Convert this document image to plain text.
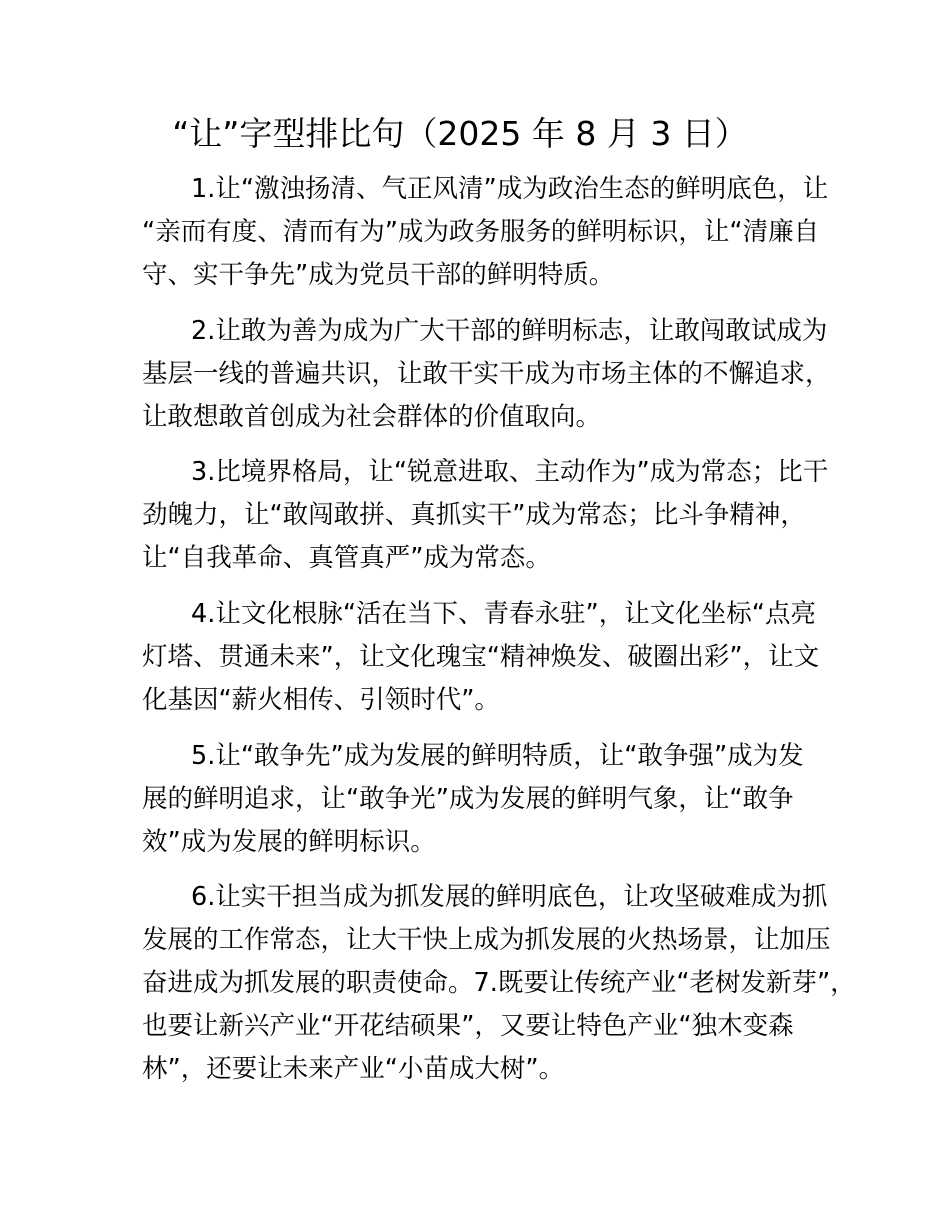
“让”字型排比句（2025 年 8 月 3 日）
1.让“激浊扬清、气正风清”成为政治生态的鲜明底色，让
“亲而有度、清而有为”成为政务服务的鲜明标识，让“清廉自
守、实干争先”成为党员干部的鲜明特质。
2.让敢为善为成为广大干部的鲜明标志，让敢闯敢试成为
基层一线的普遍共识，让敢干实干成为市场主体的不懈追求，
让敢想敢首创成为社会群体的价值取向。
3.比境界格局，让“锐意进取、主动作为”成为常态；比干
劲魄力，让“敢闯敢拼、真抓实干”成为常态；比斗争精神，
让“自我革命、真管真严”成为常态。
4.让文化根脉“活在当下、青春永驻”，让文化坐标“点亮
灯塔、贯通未来”，让文化瑰宝“精神焕发、破圈出彩”，让文
化基因“薪火相传、引领时代”。
5.让“敢争先”成为发展的鲜明特质，让“敢争强”成为发
展的鲜明追求，让“敢争光”成为发展的鲜明气象，让“敢争
效”成为发展的鲜明标识。
6.让实干担当成为抓发展的鲜明底色，让攻坚破难成为抓
发展的工作常态，让大干快上成为抓发展的火热场景，让加压
奋进成为抓发展的职责使命。7.既要让传统产业“老树发新芽”，
也要让新兴产业“开花结硕果”，又要让特色产业“独木变森
林”，还要让未来产业“小苗成大树”。
